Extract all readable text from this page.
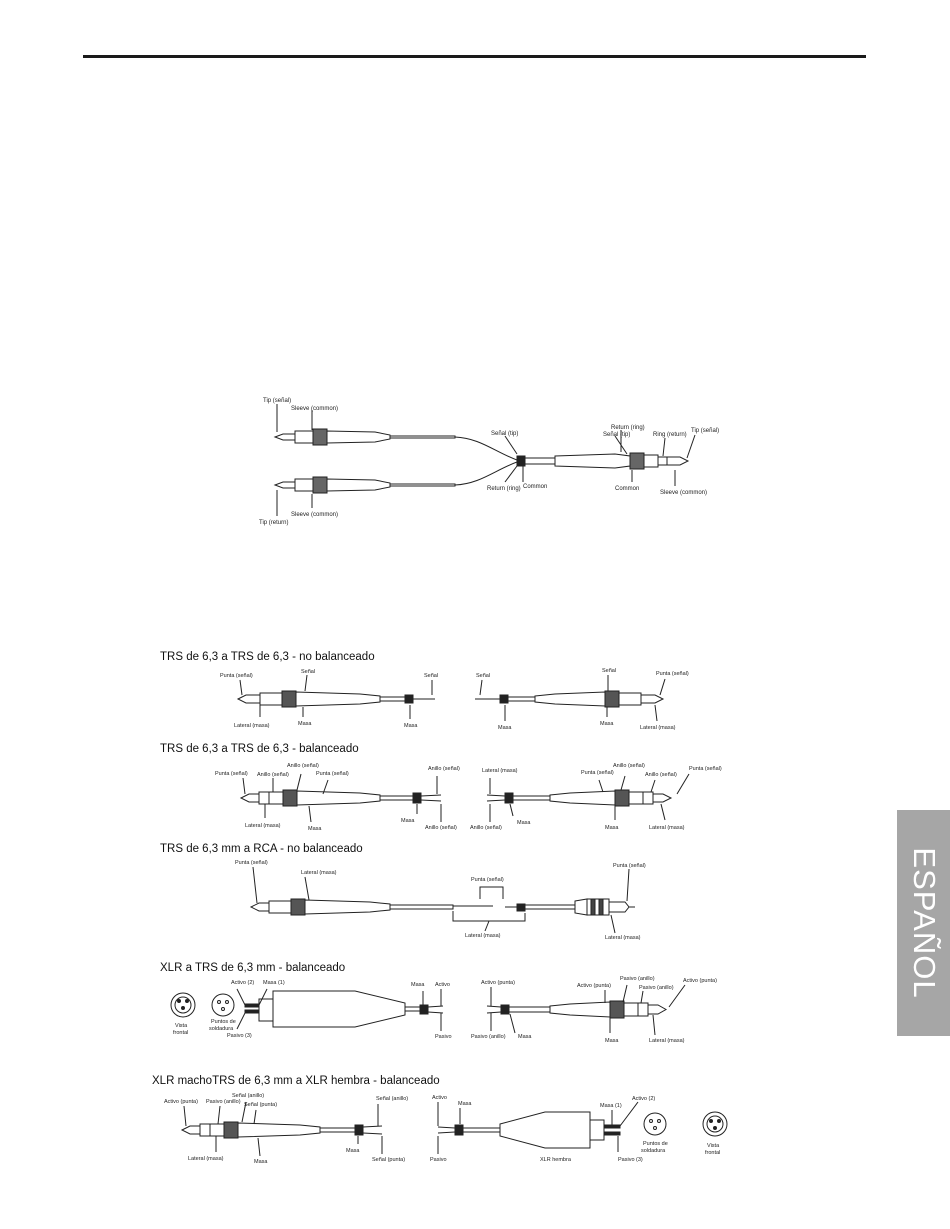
Tip (señal)
Sleeve (common)
Señal (tip)
Return (ring) Common
Sleeve (common)
Tip (return)
Return (ring)
Señal (tip)	Ring (return)
Tip (señal)
Common
Sleeve (common)
TRS de 6,3 a TRS de 6,3 - no balanceado
Punta (señal)
Señal
Señal
Lateral (masa)	Masa	Masa
Señal
Señal	Punta (señal)
Masa
Masa
Lateral (masa)
TRS de 6,3 a TRS de 6,3 - balanceado
Punta (señal) Anillo (señal)
Anillo (señal)
Punta (señal)
Anillo (señal)
Lateral (masa)	Masa
Masa
Anillo (señal)
Lateral (masa)
Anillo (señal)
Punta (señal)
Anillo (señal)	Punta (señal)
Anillo (señal)
Masa
Masa	Lateral (masa)
TRS de 6,3 mm a RCA - no balanceado
Punta (señal)
Lateral (masa)
Punta (señal)
Lateral (masa)
Punta (señal)
Lateral (masa)
XLR a TRS de 6,3 mm - balanceado
Activo (2) Masa (1)
Vista
frontal
Puntos de
soldadura
Pasivo (3)
Masa Activo
Pasivo
Activo (punta)
Pasivo (anillo) Masa
Pasivo (anillo)
Activo (punta)	Pasivo (anillo)
Activo (punta)
Masa	Lateral (masa)
XLR machoTRS de 6,3 mm a XLR hembra - balanceado
Activo (punta) Pasivo (anillo)
Señal (anillo)
Señal (punta)
Señal (anillo)
Lateral (masa)	Masa
Masa
Señal (punta)
Activo
Masa
Pasivo	XLR hembra
Masa (1)
Activo (2)
Pasivo (3)
Puntos de
soldadura
Vista
frontal
ESPAÑOL
